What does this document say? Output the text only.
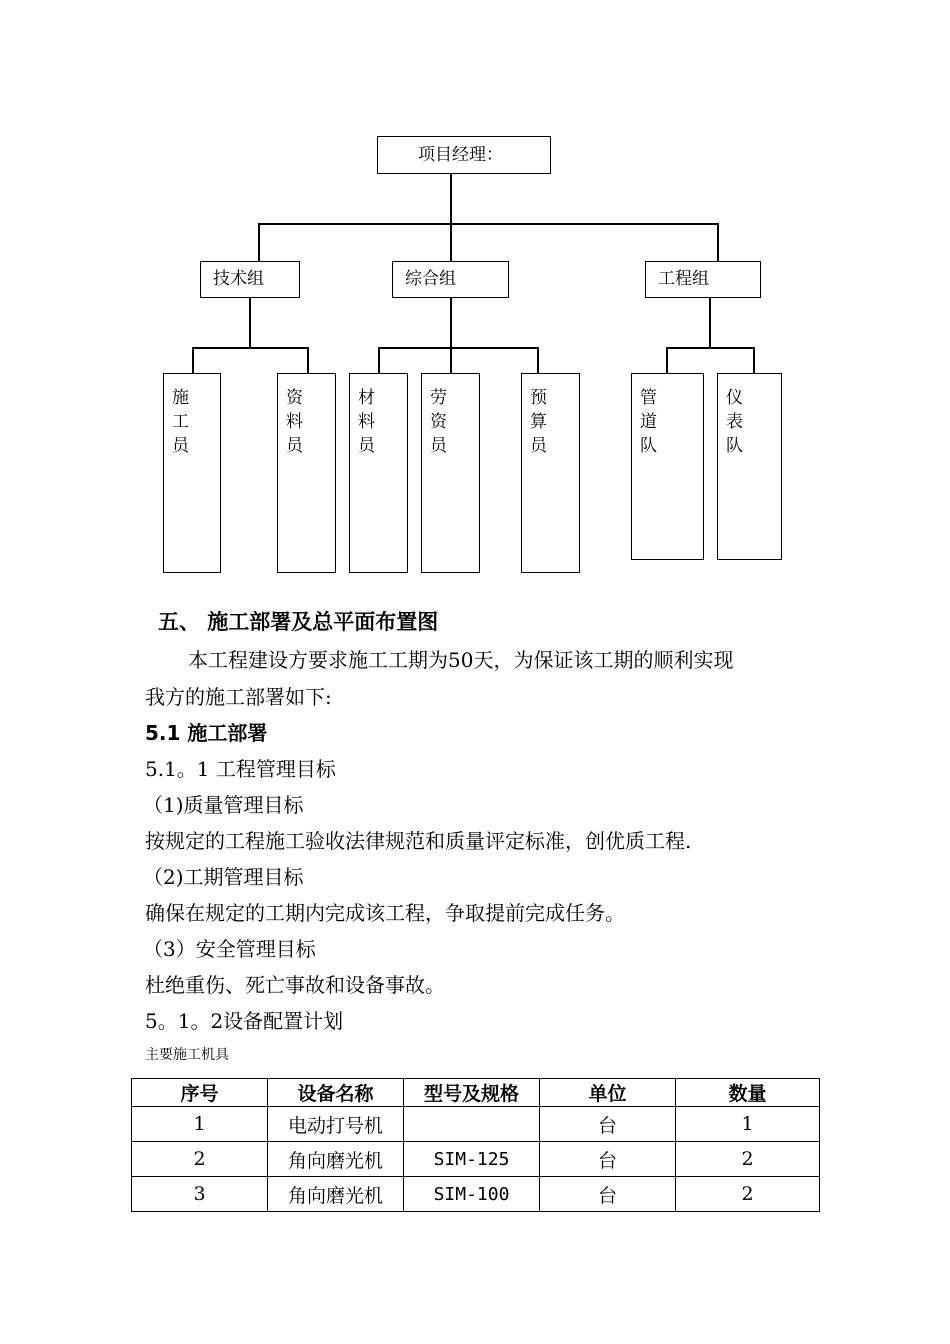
项目经理：
技术组	综合组	工程组
施工员
资料员
材料员
劳资员
预算员
管道队
仪表队
五、 施工部署及总平面布置图
本工程建设方要求施工工期为50天，为保证该工期的顺利实现
我方的施工部署如下:
5.1 施工部署
5.1。1 工程管理目标
（1)质量管理目标
按规定的工程施工验收法律规范和质量评定标准，创优质工程.
（2)工期管理目标
确保在规定的工期内完成该工程，争取提前完成任务。
（3）安全管理目标
杜绝重伤、死亡事故和设备事故。
5。1。2设备配置计划
主要施工机具
序号	设备名称	型号及规格	单位	数量
1	电动打号机		台	1
2	角向磨光机	SIM-125	台	2
3	角向磨光机	SIM-100	台	2
